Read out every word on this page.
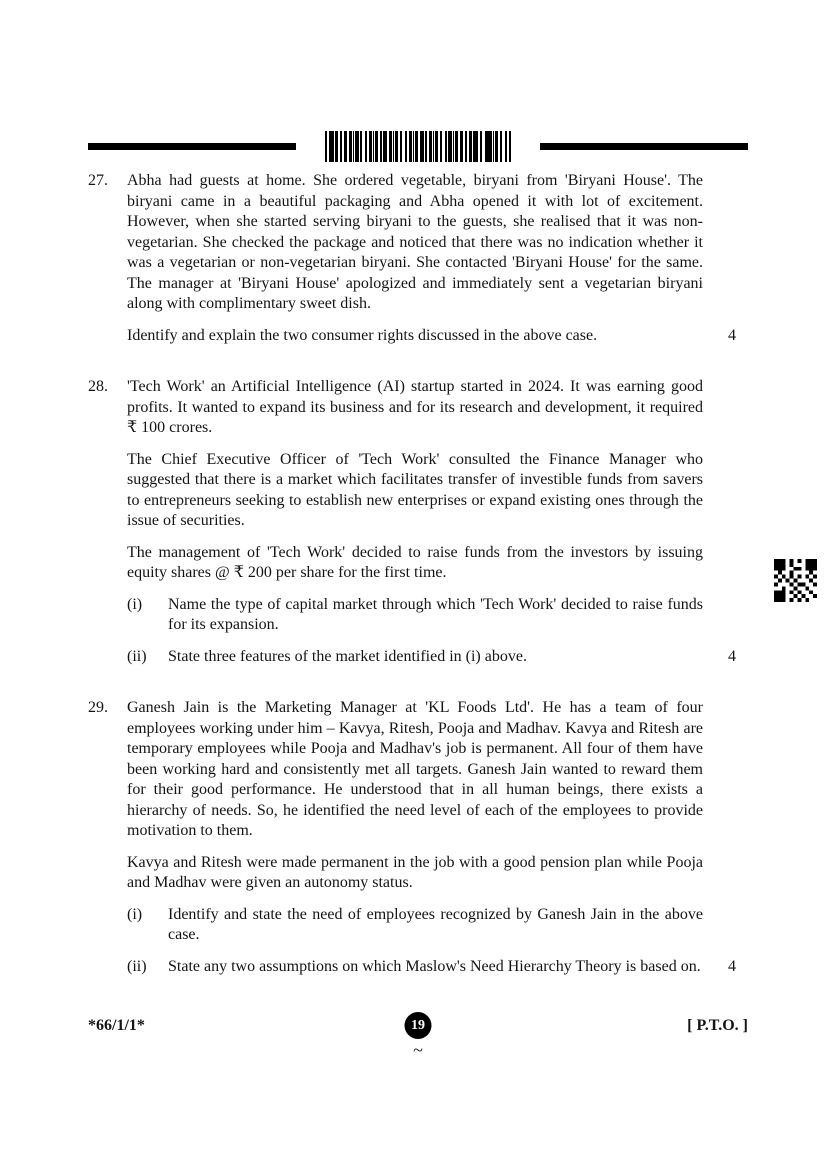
27.	Abha had guests at home. She ordered vegetable, biryani from 'Biryani House'. The biryani came in a beautiful packaging and Abha opened it with lot of excitement. However, when she started serving biryani to the guests, she realised that it was non-vegetarian. She checked the package and noticed that there was no indication whether it was a vegetarian or non-vegetarian biryani. She contacted 'Biryani House' for the same. The manager at 'Biryani House' apologized and immediately sent a vegetarian biryani along with complimentary sweet dish.

Identify and explain the two consumer rights discussed in the above case.	4

28.	'Tech Work' an Artificial Intelligence (AI) startup started in 2024. It was earning good profits. It wanted to expand its business and for its research and development, it required ₹ 100 crores.

The Chief Executive Officer of 'Tech Work' consulted the Finance Manager who suggested that there is a market which facilitates transfer of investible funds from savers to entrepreneurs seeking to establish new enterprises or expand existing ones through the issue of securities.

The management of 'Tech Work' decided to raise funds from the investors by issuing equity shares @ ₹ 200 per share for the first time.

(i)	Name the type of capital market through which 'Tech Work' decided to raise funds for its expansion.
(ii)	State three features of the market identified in (i) above.	4
29.	Ganesh Jain is the Marketing Manager at 'KL Foods Ltd'. He has a team of four employees working under him – Kavya, Ritesh, Pooja and Madhav. Kavya and Ritesh are temporary employees while Pooja and Madhav's job is permanent. All four of them have been working hard and consistently met all targets. Ganesh Jain wanted to reward them for their good performance. He understood that in all human beings, there exists a hierarchy of needs. So, he identified the need level of each of the employees to provide motivation to them.

Kavya and Ritesh were made permanent in the job with a good pension plan while Pooja and Madhav were given an autonomy status.

(i)	Identify and state the need of employees recognized by Ganesh Jain in the above case.
(ii)	State any two assumptions on which Maslow's Need Hierarchy Theory is based on. 4
*66/1/1*	19	[ P.T.O. ]
~
